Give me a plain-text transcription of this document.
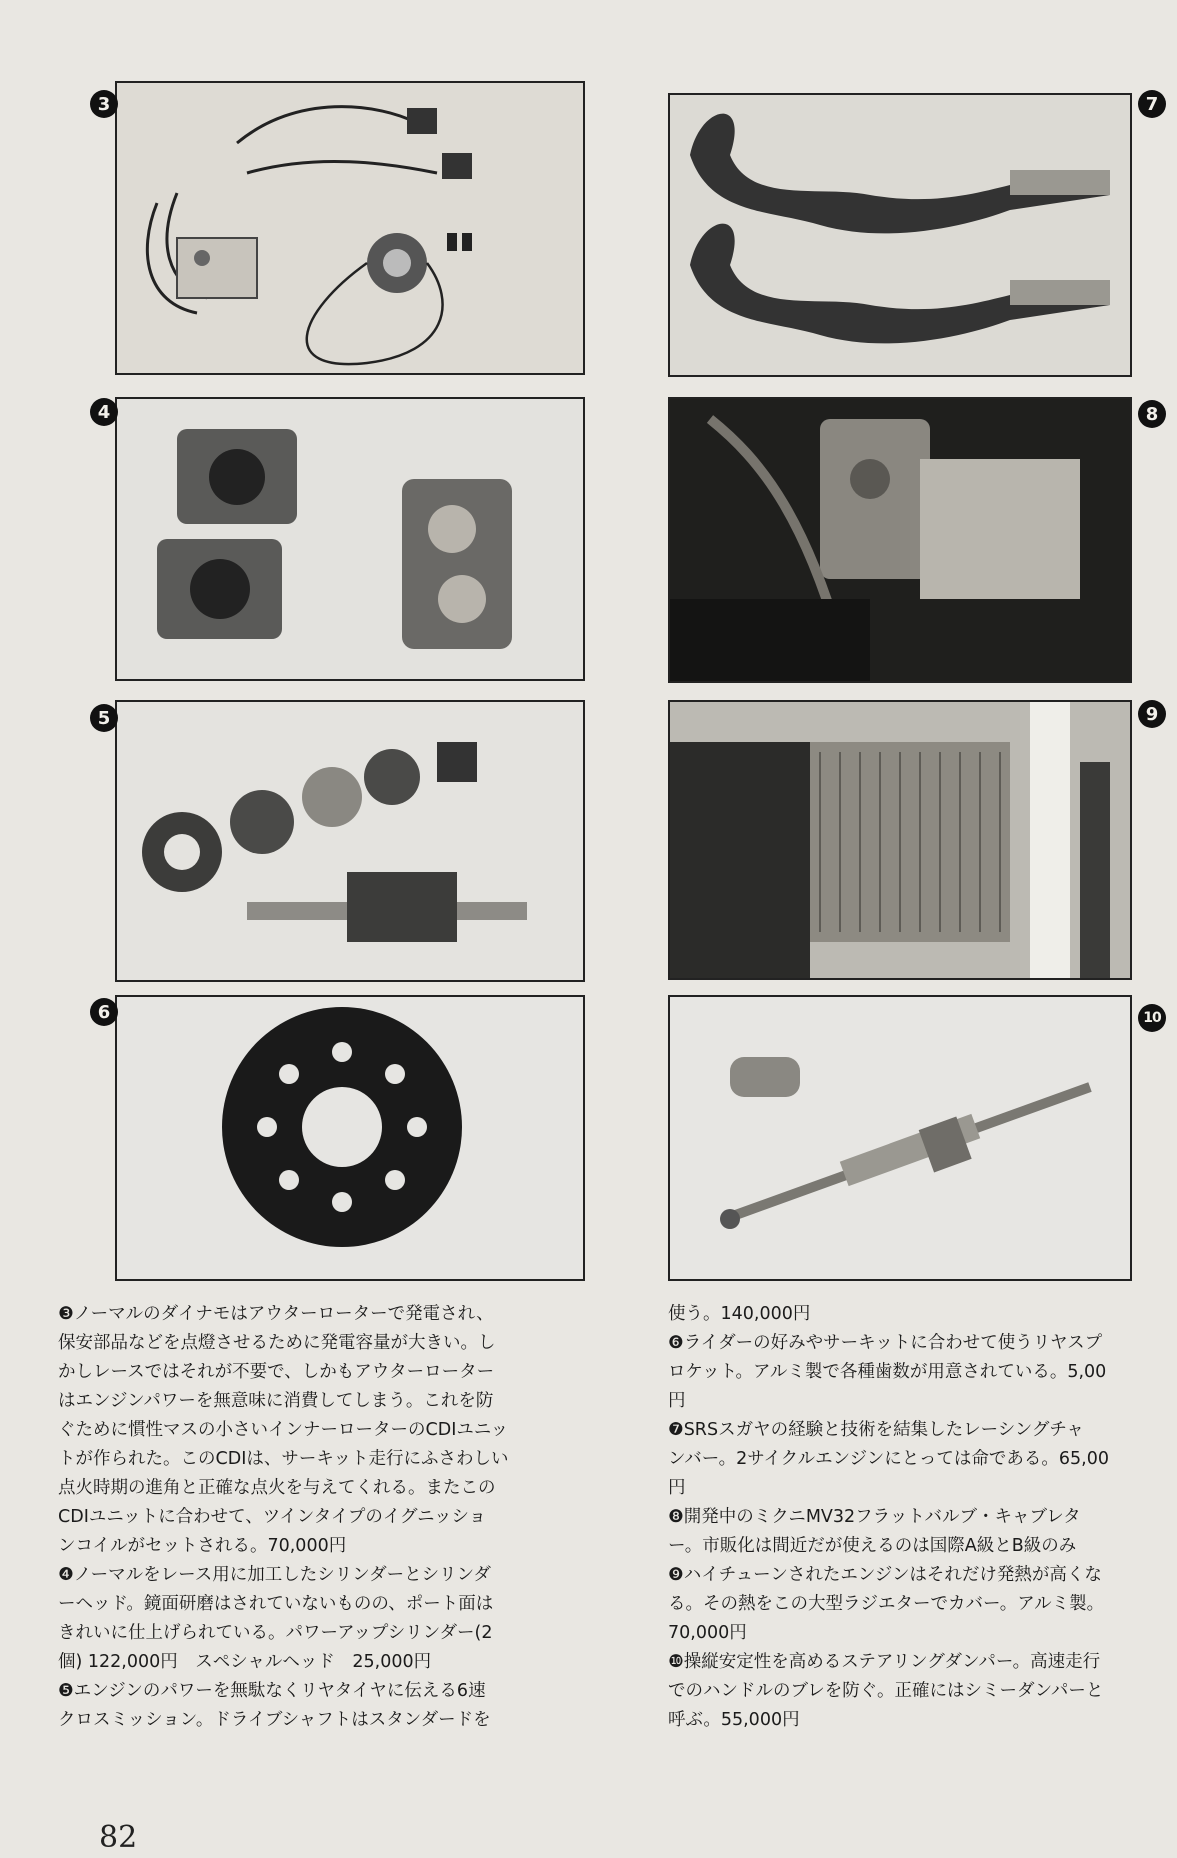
3
4
5
6
7
8
9
10

❸ノーマルのダイナモはアウターローターで発電され、

保安部品などを点燈させるために発電容量が大きい。し

かしレースではそれが不要で、しかもアウターローター

はエンジンパワーを無意味に消費してしまう。これを防

ぐために慣性マスの小さいインナーローターのCDIユニッ

トが作られた。このCDIは、サーキット走行にふさわしい

点火時期の進角と正確な点火を与えてくれる。またこの

CDIユニットに合わせて、ツインタイプのイグニッショ

ンコイルがセットされる。70,000円

❹ノーマルをレース用に加工したシリンダーとシリンダ

ーヘッド。鏡面研磨はされていないものの、ポート面は

きれいに仕上げられている。パワーアップシリンダー(2

個) 122,000円　スペシャルヘッド　25,000円

❺エンジンのパワーを無駄なくリヤタイヤに伝える6速

クロスミッション。ドライブシャフトはスタンダードを

使う。140,000円

❻ライダーの好みやサーキットに合わせて使うリヤスプ

ロケット。アルミ製で各種歯数が用意されている。5,00

円

❼SRSスガヤの経験と技術を結集したレーシングチャ

ンバー。2サイクルエンジンにとっては命である。65,00

円

❽開発中のミクニMV32フラットバルブ・キャブレタ

ー。市販化は間近だが使えるのは国際A級とB級のみ

❾ハイチューンされたエンジンはそれだけ発熱が高くな

る。その熱をこの大型ラジエターでカバー。アルミ製。

70,000円

❿操縦安定性を高めるステアリングダンパー。高速走行

でのハンドルのブレを防ぐ。正確にはシミーダンパーと

呼ぶ。55,000円

82
